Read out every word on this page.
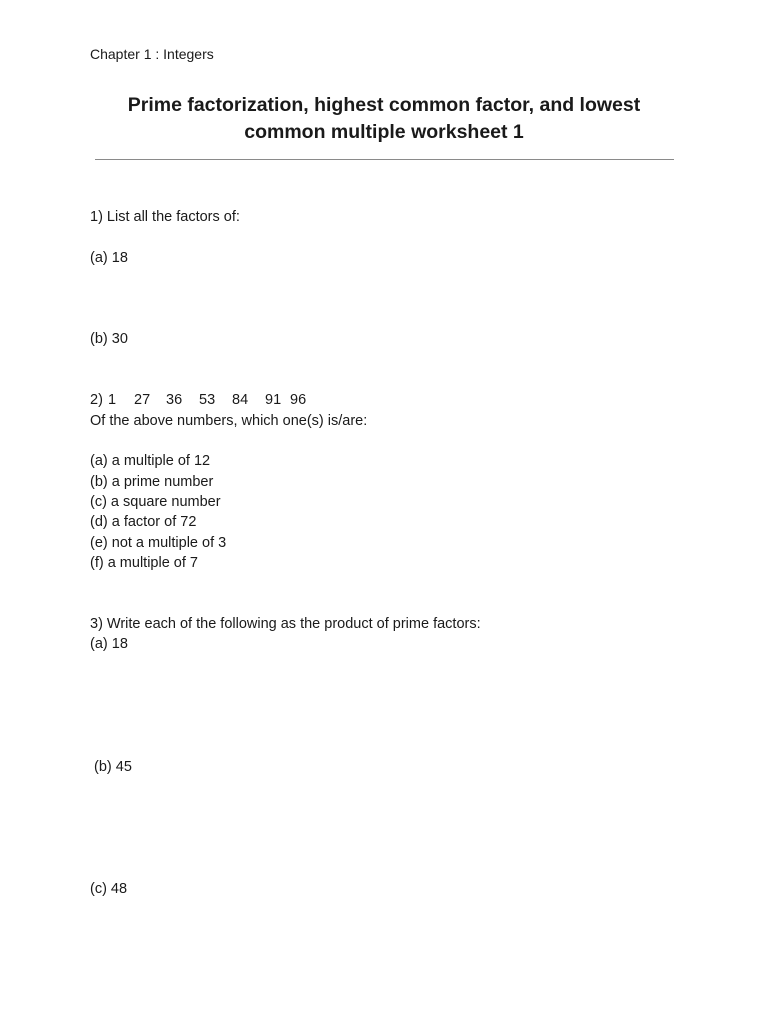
Chapter 1 : Integers
Prime factorization, highest common factor, and lowest
common multiple worksheet 1
1) List all the factors of:
(a) 18
(b) 30
2) 1 27 36 53 84 91 96
Of the above numbers, which one(s) is/are:
(a) a multiple of 12
(b) a prime number
(c) a square number
(d) a factor of 72
(e) not a multiple of 3
(f) a multiple of 7
3) Write each of the following as the product of prime factors:
(a) 18
(b) 45
(c) 48
